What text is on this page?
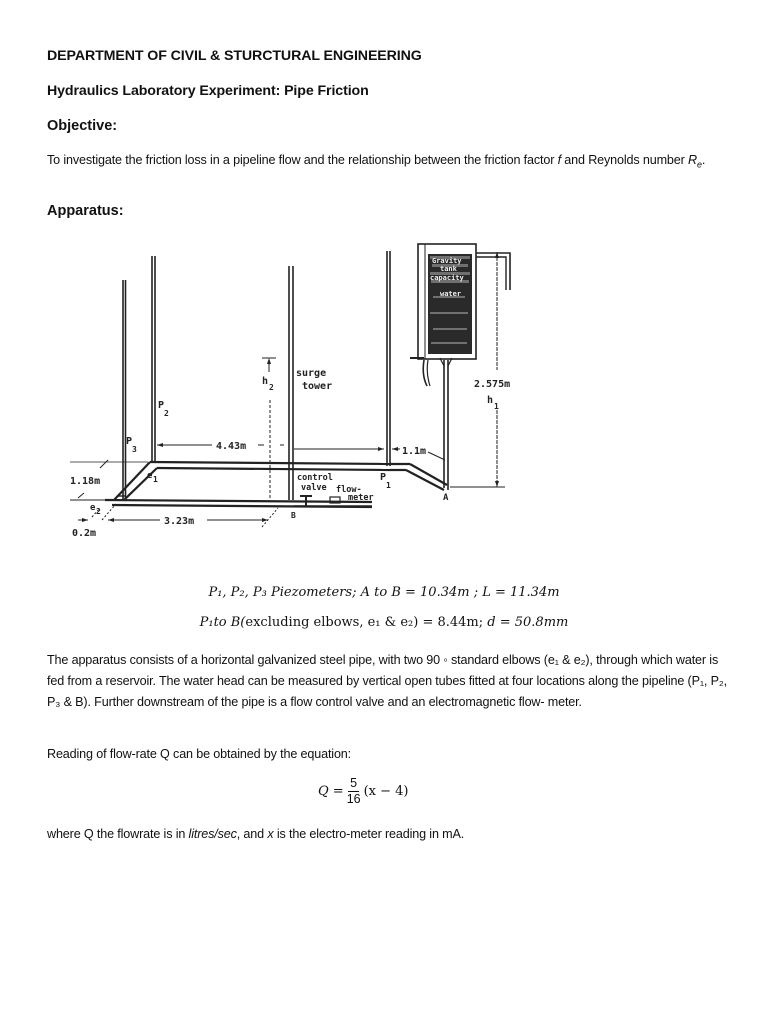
DEPARTMENT OF CIVIL & STURCTURAL ENGINEERING
Hydraulics Laboratory Experiment: Pipe Friction
Objective:
To investigate the friction loss in a pipeline flow and the relationship between the friction factor f and Reynolds number $R_e$.
Apparatus:
Gravity
tank
capacity
water
P
3
P
2
P
1
h
2
surge
tower
4.43m	1.1m
1.18m
0.2m
3.23m
2.575m
h
1
e 1
e 2
control
valve flow-
meter	A
B
P₁, P₂, P₃ Piezometers; A to B = 10.34m ; L = 11.34m
P₁to B(excluding elbows, e₁ & e₂) = 8.44m; d = 50.8mm
The apparatus consists of a horizontal galvanized steel pipe, with two 90 ◦ standard elbows (e₁ & e₂), through which water is fed from a reservoir. The water head can be measured by vertical open tubes fitted at four locations along the pipeline (P₁, P₂, P₃ & B). Further downstream of the pipe is a flow control valve and an electromagnetic flow- meter.
Reading of flow-rate Q can be obtained by the equation:
$Q = \frac{5}{16} (x - 4)$
where Q the flowrate is in litres/sec, and x is the electro-meter reading in mA.
